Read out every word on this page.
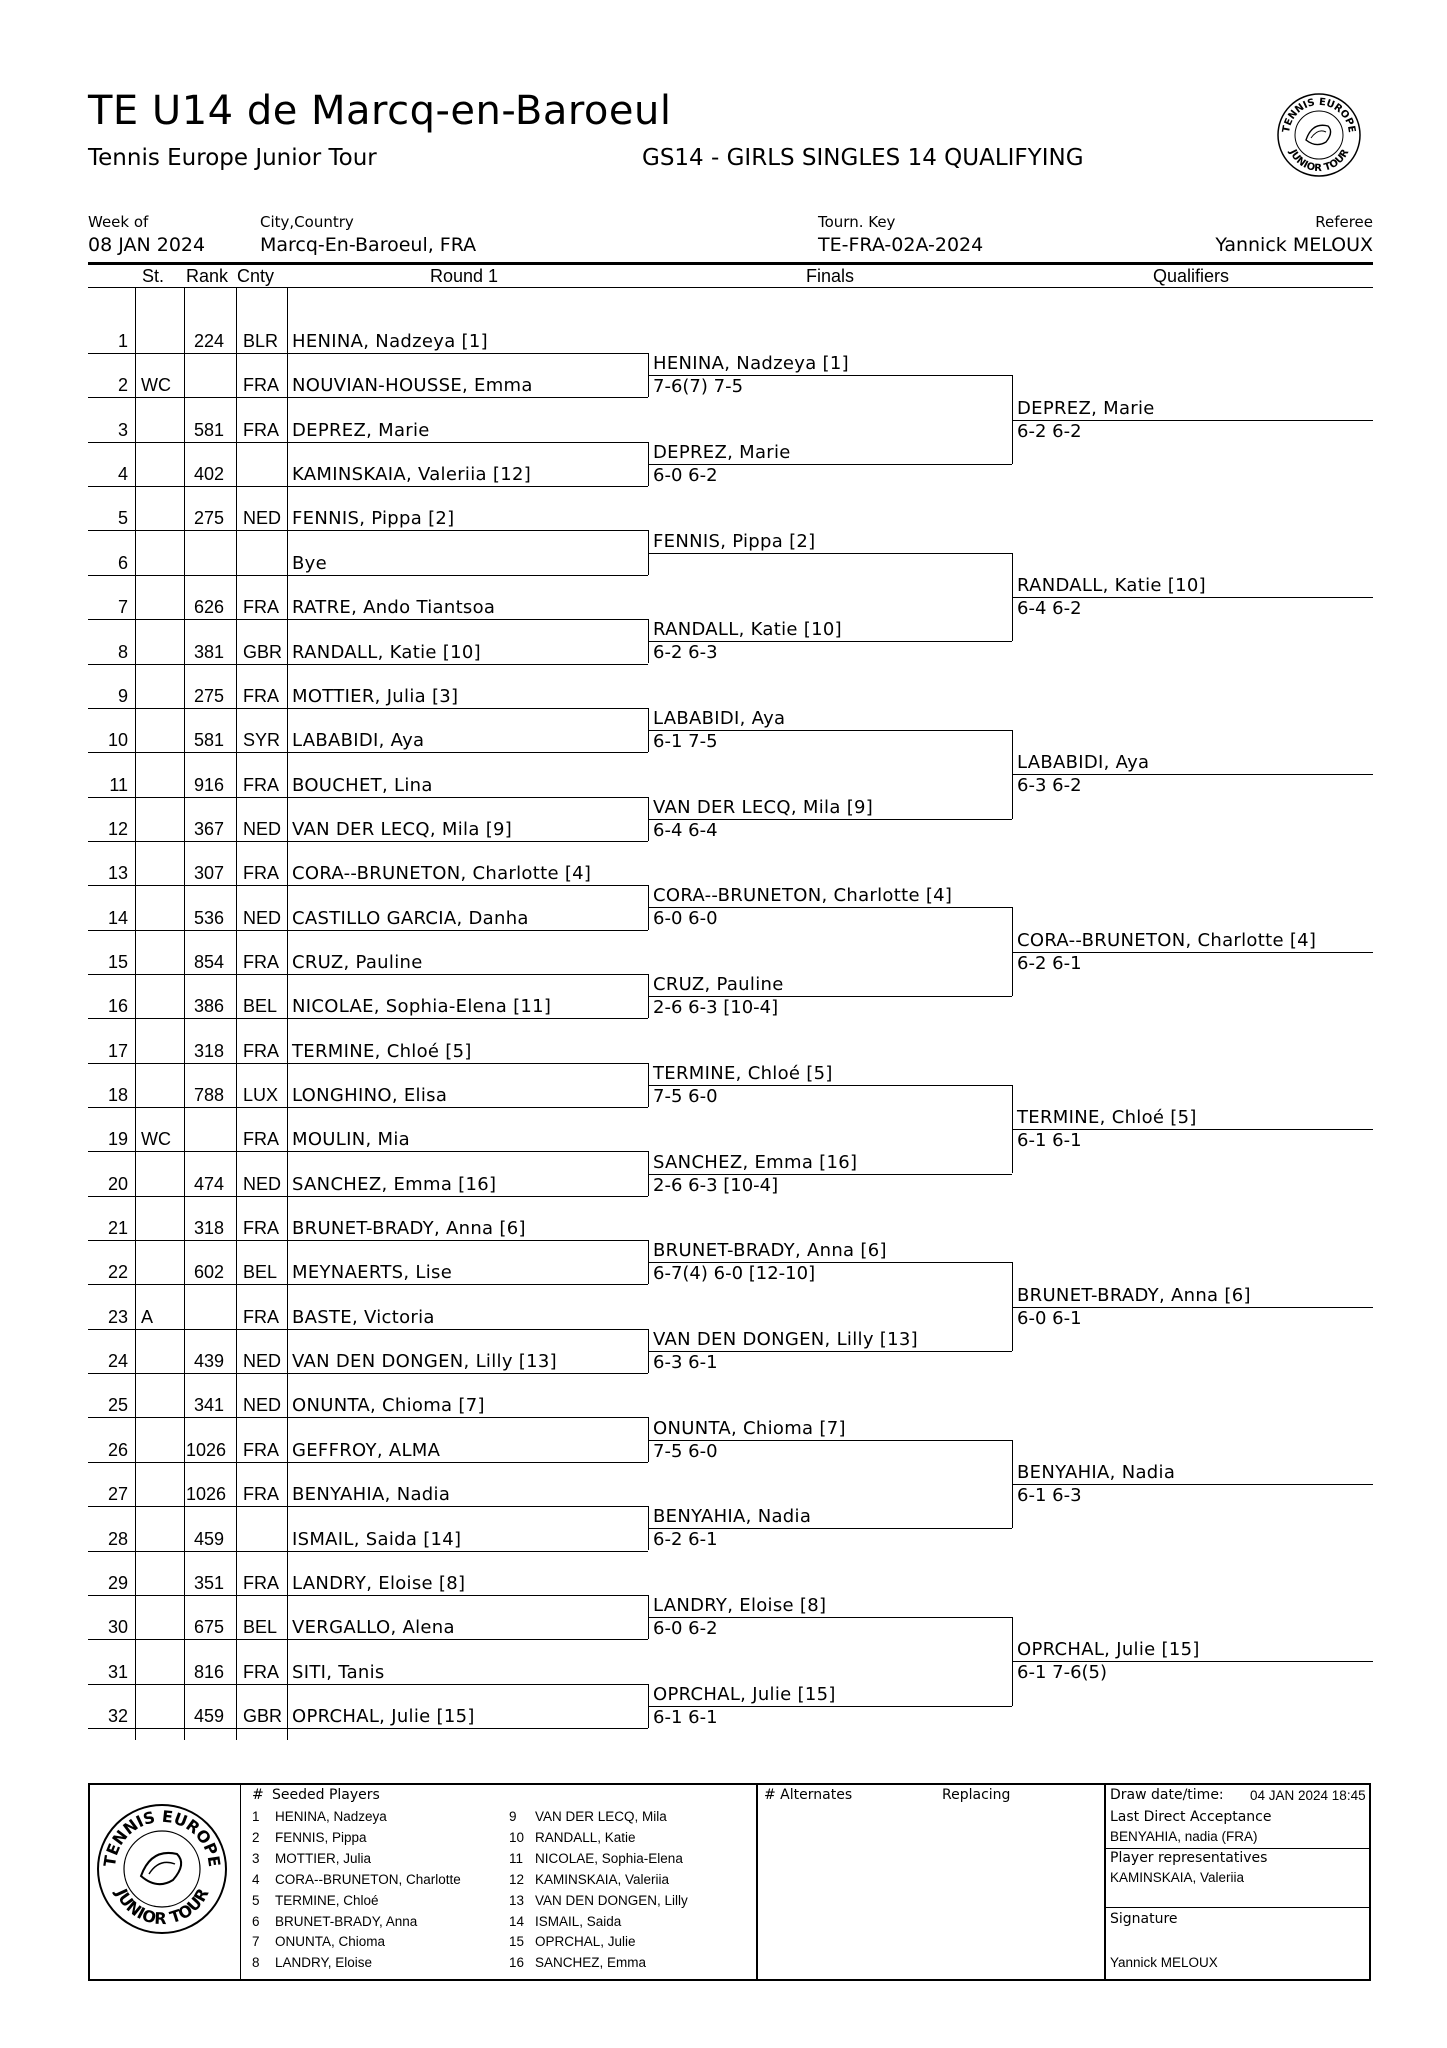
TE U14 de Marcq-en-Baroeul
Tennis Europe Junior Tour	GS14 - GIRLS SINGLES 14 QUALIFYING
TENNIS EUROPE
JUNIOR TOUR
Week of
08 JAN 2024
City,Country
Marcq-En-Baroeul, FRA
Tourn. Key
TE-FRA-02A-2024
Referee
Yannick MELOUX
St. Rank Cnty	Round 1	Finals	Qualifiers
1	224 BLR HENINA, Nadzeya [1]
2 WC	FRA NOUVIAN-HOUSSE, Emma
3	581 FRA DEPREZ, Marie
4	402	KAMINSKAIA, Valeriia [12]
5	275 NED FENNIS, Pippa [2]
6	Bye
7	626 FRA RATRE, Ando Tiantsoa
8	381 GBR RANDALL, Katie [10]
9	275 FRA MOTTIER, Julia [3]
10	581 SYR LABABIDI, Aya
11	916 FRA BOUCHET, Lina
12	367 NED VAN DER LECQ, Mila [9]
13	307 FRA CORA--BRUNETON, Charlotte [4]
14	536 NED CASTILLO GARCIA, Danha
15	854 FRA CRUZ, Pauline
16	386 BEL NICOLAE, Sophia-Elena [11]
17	318 FRA TERMINE, Chloé [5]
18	788 LUX LONGHINO, Elisa
19 WC	FRA MOULIN, Mia
20	474 NED SANCHEZ, Emma [16]
21	318 FRA BRUNET-BRADY, Anna [6]
22	602 BEL MEYNAERTS, Lise
23 A	FRA BASTE, Victoria
24	439 NED VAN DEN DONGEN, Lilly [13]
25	341 NED ONUNTA, Chioma [7]
26	1026 FRA GEFFROY, ALMA
27	1026 FRA BENYAHIA, Nadia
28	459	ISMAIL, Saida [14]
29	351 FRA LANDRY, Eloise [8]
30	675 BEL VERGALLO, Alena
31	816 FRA SITI, Tanis
32	459 GBR OPRCHAL, Julie [15]
HENINA, Nadzeya [1]
7-6(7) 7-5
DEPREZ, Marie
6-0 6-2
FENNIS, Pippa [2]
RANDALL, Katie [10]
6-2 6-3
LABABIDI, Aya
6-1 7-5
VAN DER LECQ, Mila [9]
6-4 6-4
CORA--BRUNETON, Charlotte [4]
6-0 6-0
CRUZ, Pauline
2-6 6-3 [10-4]
TERMINE, Chloé [5]
7-5 6-0
SANCHEZ, Emma [16]
2-6 6-3 [10-4]
BRUNET-BRADY, Anna [6]
6-7(4) 6-0 [12-10]
VAN DEN DONGEN, Lilly [13]
6-3 6-1
ONUNTA, Chioma [7]
7-5 6-0
BENYAHIA, Nadia
6-2 6-1
LANDRY, Eloise [8]
6-0 6-2
OPRCHAL, Julie [15]
6-1 6-1
DEPREZ, Marie
6-2 6-2
RANDALL, Katie [10]
6-4 6-2
LABABIDI, Aya
6-3 6-2
CORA--BRUNETON, Charlotte [4]
6-2 6-1
TERMINE, Chloé [5]
6-1 6-1
BRUNET-BRADY, Anna [6]
6-0 6-1
BENYAHIA, Nadia
6-1 6-3
OPRCHAL, Julie [15]
6-1 7-6(5)
TENNIS EUROPE
JUNIOR TOUR
# Seeded Players
1 HENINA, Nadzeya
2 FENNIS, Pippa
3 MOTTIER, Julia
4 CORA--BRUNETON, Charlotte
5 TERMINE, Chloé
6 BRUNET-BRADY, Anna
7 ONUNTA, Chioma
8 LANDRY, Eloise
9 VAN DER LECQ, Mila
10 RANDALL, Katie
11 NICOLAE, Sophia-Elena
12 KAMINSKAIA, Valeriia
13 VAN DEN DONGEN, Lilly
14 ISMAIL, Saida
15 OPRCHAL, Julie
16 SANCHEZ, Emma
# Alternates	Replacing	Draw date/time: 04 JAN 2024 18:45
Last Direct Acceptance
BENYAHIA, nadia (FRA)
Player representatives
KAMINSKAIA, Valeriia
Signature
Yannick MELOUX
